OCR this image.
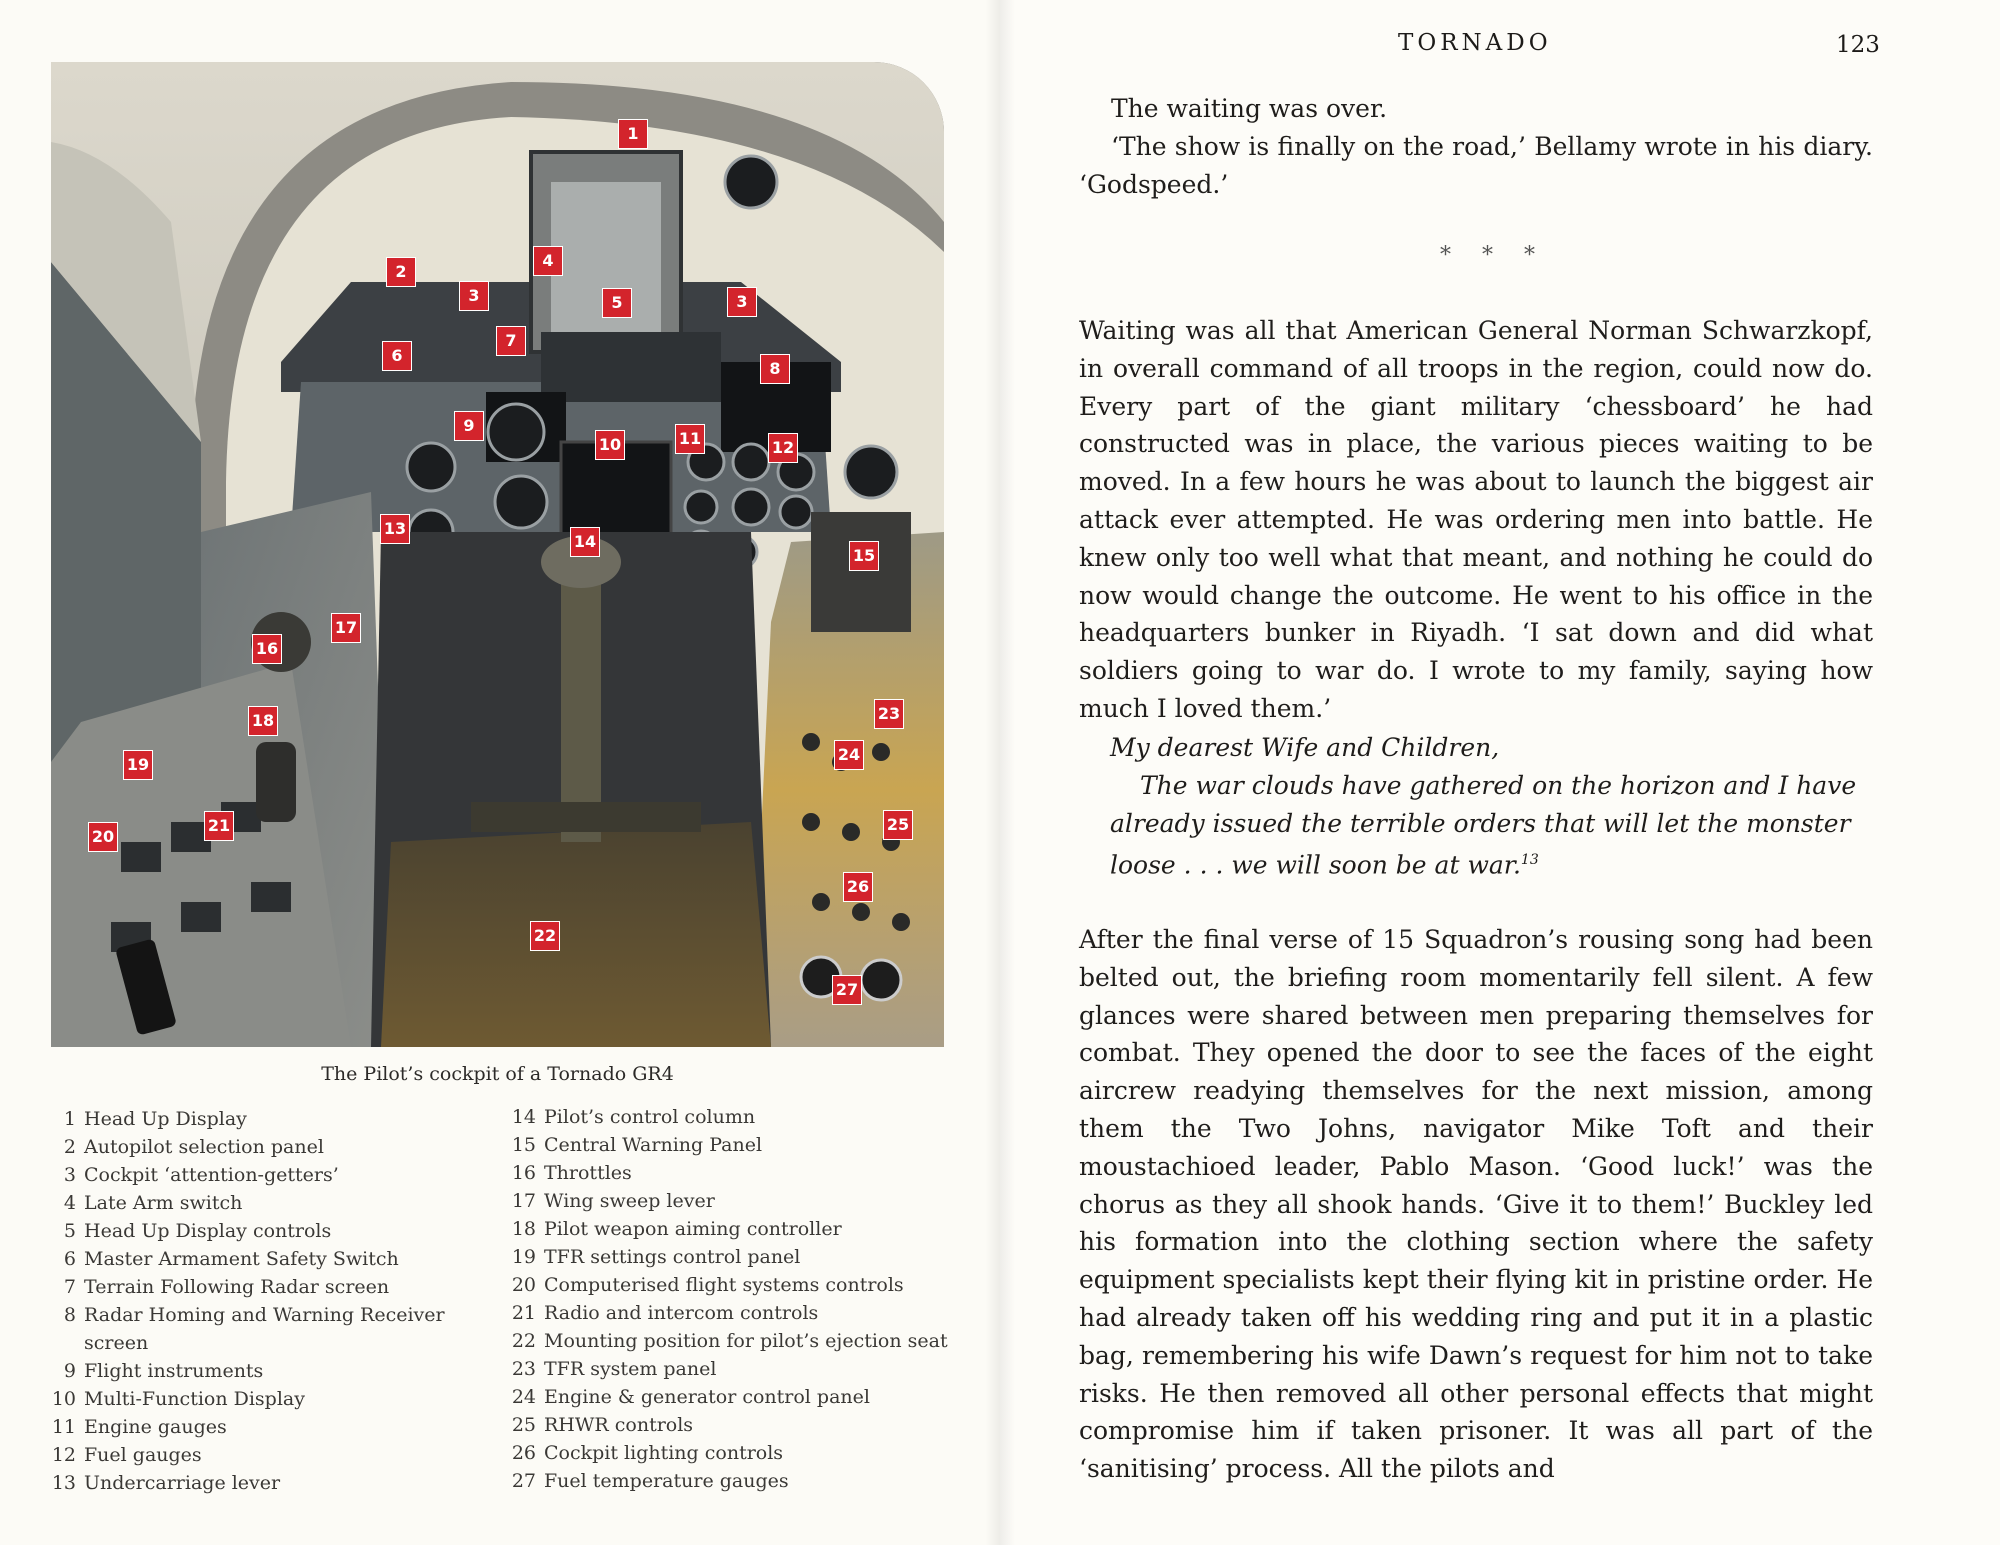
1
2
4
3	5	3
7
6
8
9
11
10	12
13
14
15
17
16
18	23
24
19
21	25
20
26
22
27
The Pilot’s cockpit of a Tornado GR4
1 Head Up Display
2 Autopilot selection panel
3 Cockpit ‘attention-getters’
4 Late Arm switch
5 Head Up Display controls
6 Master Armament Safety Switch
7 Terrain Following Radar screen
8 Radar Homing and Warning Receiver
screen
9 Flight instruments
10 Multi-Function Display
11 Engine gauges
12 Fuel gauges
13 Undercarriage lever
14 Pilot’s control column
15 Central Warning Panel
16 Throttles
17 Wing sweep lever
18 Pilot weapon aiming controller
19 TFR settings control panel
20 Computerised flight systems controls
21 Radio and intercom controls
22 Mounting position for pilot’s ejection seat
23 TFR system panel
24 Engine & generator control panel
25 RHWR controls
26 Cockpit lighting controls
27 Fuel temperature gauges
TORNADO	123

The waiting was over.

‘The show is finally on the road,’ Bellamy wrote in his diary. ‘Godspeed.’

* * *

Waiting was all that American General Norman Schwarzkopf, in overall command of all troops in the region, could now do. Every part of the giant military ‘chessboard’ he had constructed was in place, the various pieces waiting to be moved. In a few hours he was about to launch the biggest air attack ever attempted. He was ordering men into battle. He knew only too well what that meant, and nothing he could do now would change the outcome. He went to his office in the headquarters bunker in Riyadh. ‘I sat down and did what soldiers going to war do. I wrote to my family, saying how much I loved them.’

My dearest Wife and Children,

The war clouds have gathered on the horizon and I have already issued the terrible orders that will let the monster loose . . . we will soon be at war.$^{13}$

After the final verse of 15 Squadron’s rousing song had been belted out, the briefing room momentarily fell silent. A few glances were shared between men preparing themselves for combat. They opened the door to see the faces of the eight aircrew readying themselves for the next mission, among them the Two Johns, navigator Mike Toft and their moustachioed leader, Pablo Mason. ‘Good luck!’ was the chorus as they all shook hands. ‘Give it to them!’ Buckley led his formation into the clothing section where the safety equipment specialists kept their flying kit in pristine order. He had already taken off his wedding ring and put it in a plastic bag, remembering his wife Dawn’s request for him not to take risks. He then removed all other personal effects that might compromise him if taken prisoner. It was all part of the ‘sanitising’ process. All the pilots and
